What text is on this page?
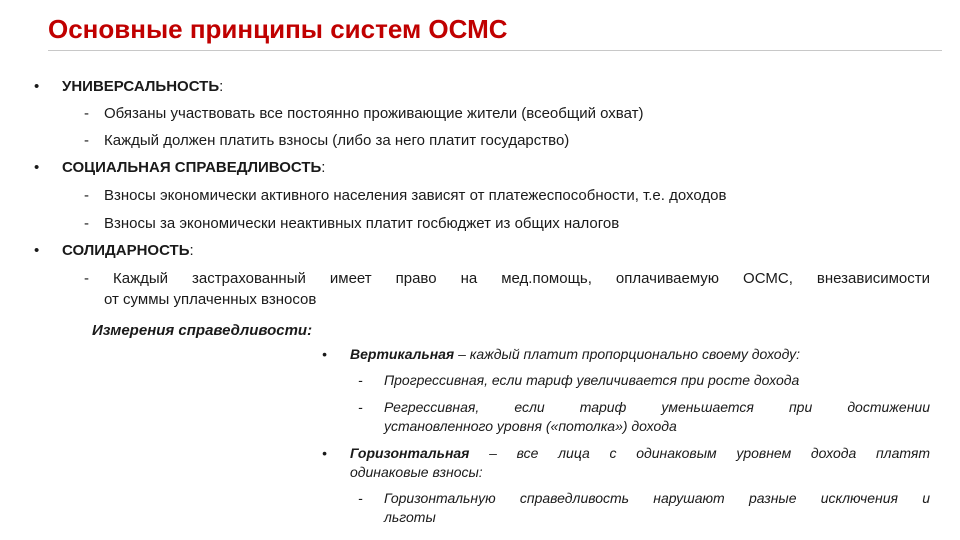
Основные принципы систем ОСМС
• УНИВЕРСАЛЬНОСТЬ:
- Обязаны участвовать все постоянно проживающие жители (всеобщий охват)
- Каждый должен платить взносы (либо за него платит государство)
• СОЦИАЛЬНАЯ СПРАВЕДЛИВОСТЬ:
- Взносы экономически активного населения зависят от платежеспособности, т.е. доходов
- Взносы за экономически неактивных платит госбюджет из общих налогов
• СОЛИДАРНОСТЬ:
- Каждый застрахованный имеет право на мед.помощь, оплачиваемую ОСМС, внезависимости
от суммы уплаченных взносов
Измерения справедливости:
• Вертикальная – каждый платит пропорционально своему доходу:
- Прогрессивная, если тариф увеличивается при росте дохода
- Регрессивная, если тариф уменьшается при достижении
установленного уровня («потолка») дохода
• Горизонтальная – все лица с одинаковым уровнем дохода платят
одинаковые взносы:
- Горизонтальную справедливость нарушают разные исключения и
льготы
